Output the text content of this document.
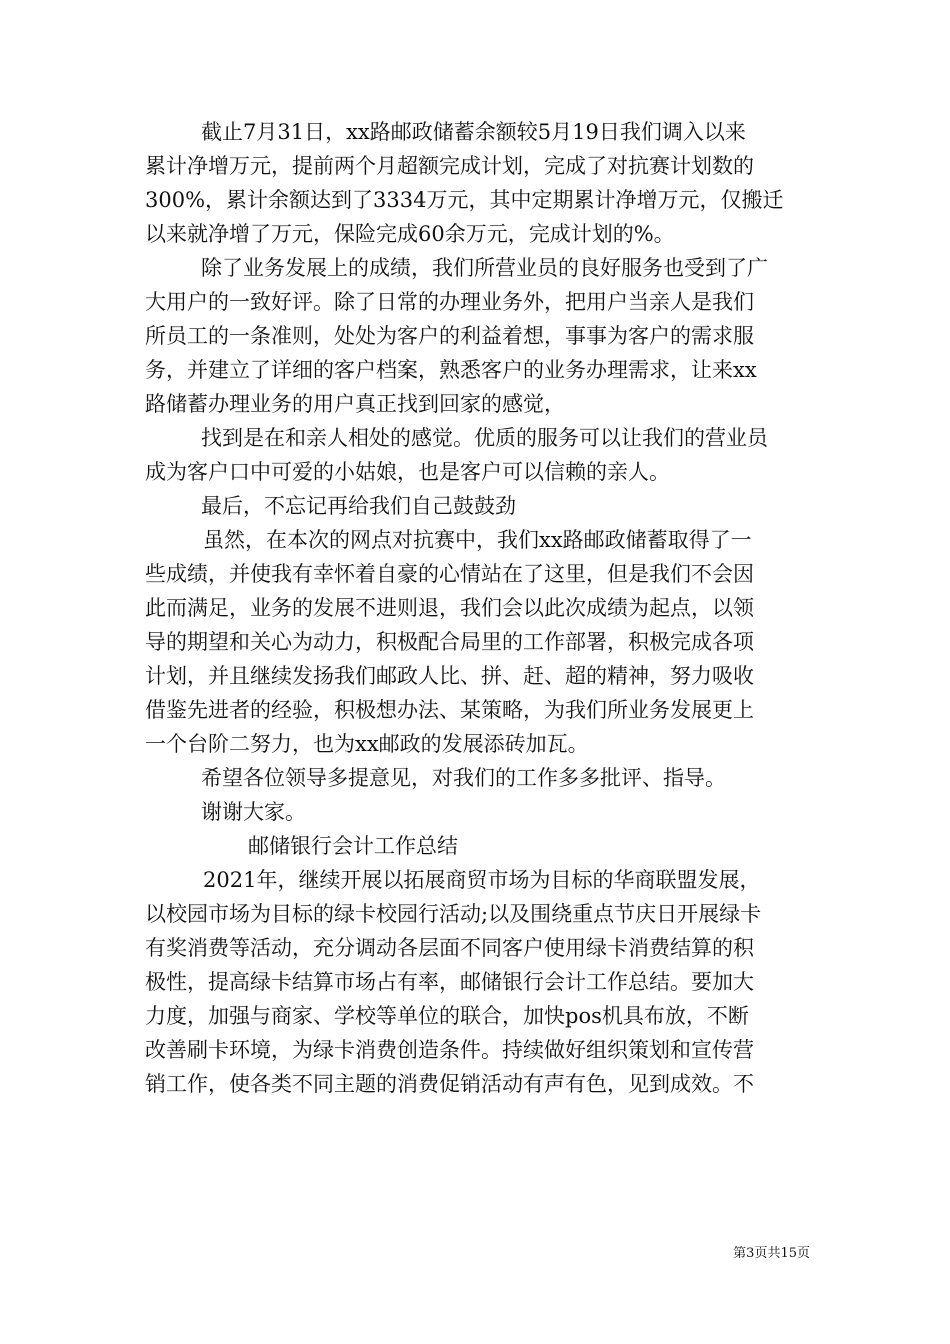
截止7月31日，xx路邮政储蓄余额较5月19日我们调入以来
累计净增万元，提前两个月超额完成计划，完成了对抗赛计划数的
300%，累计余额达到了3334万元，其中定期累计净增万元，仅搬迁
以来就净增了万元，保险完成60余万元，完成计划的%。
除了业务发展上的成绩，我们所营业员的良好服务也受到了广
大用户的一致好评。除了日常的办理业务外，把用户当亲人是我们
所员工的一条准则，处处为客户的利益着想，事事为客户的需求服
务，并建立了详细的客户档案，熟悉客户的业务办理需求，让来xx
路储蓄办理业务的用户真正找到回家的感觉，
找到是在和亲人相处的感觉。优质的服务可以让我们的营业员
成为客户口中可爱的小姑娘，也是客户可以信赖的亲人。
最后，不忘记再给我们自己鼓鼓劲
虽然，在本次的网点对抗赛中，我们xx路邮政储蓄取得了一
些成绩，并使我有幸怀着自豪的心情站在了这里，但是我们不会因
此而满足，业务的发展不进则退，我们会以此次成绩为起点，以领
导的期望和关心为动力，积极配合局里的工作部署，积极完成各项
计划，并且继续发扬我们邮政人比、拼、赶、超的精神，努力吸收
借鉴先进者的经验，积极想办法、某策略，为我们所业务发展更上
一个台阶二努力，也为xx邮政的发展添砖加瓦。
希望各位领导多提意见，对我们的工作多多批评、指导。
谢谢大家。
邮储银行会计工作总结
2021年，继续开展以拓展商贸市场为目标的华商联盟发展，
以校园市场为目标的绿卡校园行活动;以及围绕重点节庆日开展绿卡
有奖消费等活动，充分调动各层面不同客户使用绿卡消费结算的积
极性，提高绿卡结算市场占有率，邮储银行会计工作总结。要加大
力度，加强与商家、学校等单位的联合，加快pos机具布放，不断
改善刷卡环境，为绿卡消费创造条件。持续做好组织策划和宣传营
销工作，使各类不同主题的消费促销活动有声有色，见到成效。不
第3页共15页
